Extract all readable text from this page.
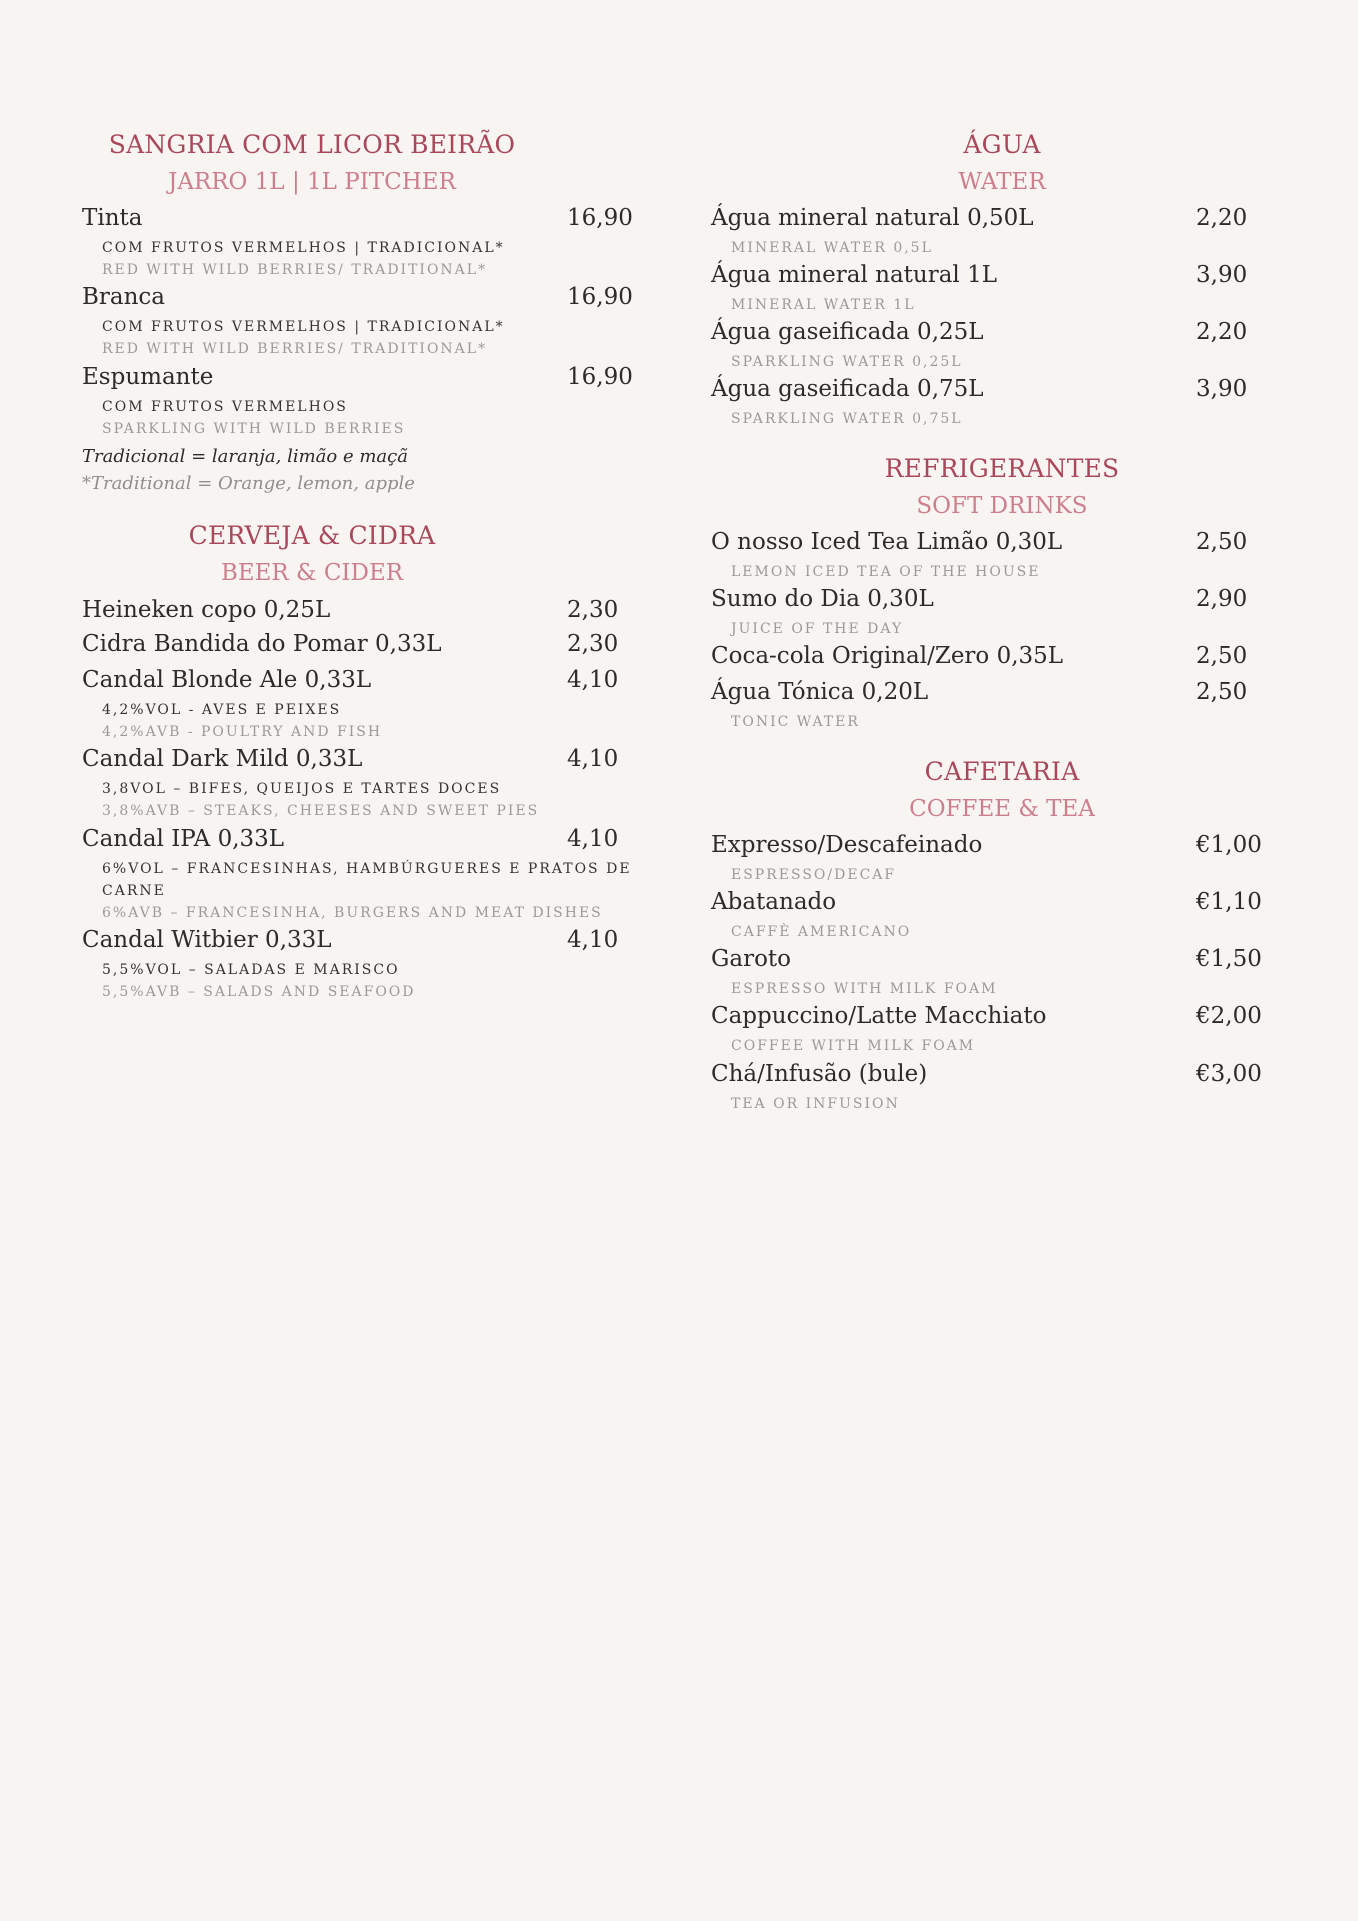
SANGRIA COM LICOR BEIRÃO
JARRO 1L | 1L PITCHER
Tinta	16,90
COM FRUTOS VERMELHOS | TRADICIONAL*
RED WITH WILD BERRIES/ TRADITIONAL*
Branca	16,90
COM FRUTOS VERMELHOS | TRADICIONAL*
RED WITH WILD BERRIES/ TRADITIONAL*
Espumante	16,90
COM FRUTOS VERMELHOS
SPARKLING WITH WILD BERRIES
Tradicional = laranja, limão e maçã
*Traditional = Orange, lemon, apple
CERVEJA & CIDRA
BEER & CIDER
Heineken copo 0,25L	2,30
Cidra Bandida do Pomar 0,33L	2,30
Candal Blonde Ale 0,33L	4,10
4,2%VOL - AVES E PEIXES
4,2%AVB - POULTRY AND FISH
Candal Dark Mild 0,33L	4,10
3,8VOL – BIFES, QUEIJOS E TARTES DOCES
3,8%AVB – STEAKS, CHEESES AND SWEET PIES
Candal IPA 0,33L	4,10
6%VOL – FRANCESINHAS, HAMBÚRGUERES E PRATOS DE
CARNE
6%AVB – FRANCESINHA, BURGERS AND MEAT DISHES
Candal Witbier 0,33L	4,10
5,5%VOL – SALADAS E MARISCO
5,5%AVB – SALADS AND SEAFOOD
ÁGUA
WATER
Água mineral natural 0,50L	2,20
MINERAL WATER 0,5L
Água mineral natural 1L	3,90
MINERAL WATER 1L
Água gaseificada 0,25L	2,20
SPARKLING WATER 0,25L
Água gaseificada 0,75L	3,90
SPARKLING WATER 0,75L
REFRIGERANTES
SOFT DRINKS
O nosso Iced Tea Limão 0,30L	2,50
LEMON ICED TEA OF THE HOUSE
Sumo do Dia 0,30L	2,90
JUICE OF THE DAY
Coca-cola Original/Zero 0,35L	2,50
Água Tónica 0,20L	2,50
TONIC WATER
CAFETARIA
COFFEE & TEA
Expresso/Descafeinado	€1,00
ESPRESSO/DECAF
Abatanado	€1,10
CAFFÈ AMERICANO
Garoto	€1,50
ESPRESSO WITH MILK FOAM
Cappuccino/Latte Macchiato	€2,00
COFFEE WITH MILK FOAM
Chá/Infusão (bule)	€3,00
TEA OR INFUSION
